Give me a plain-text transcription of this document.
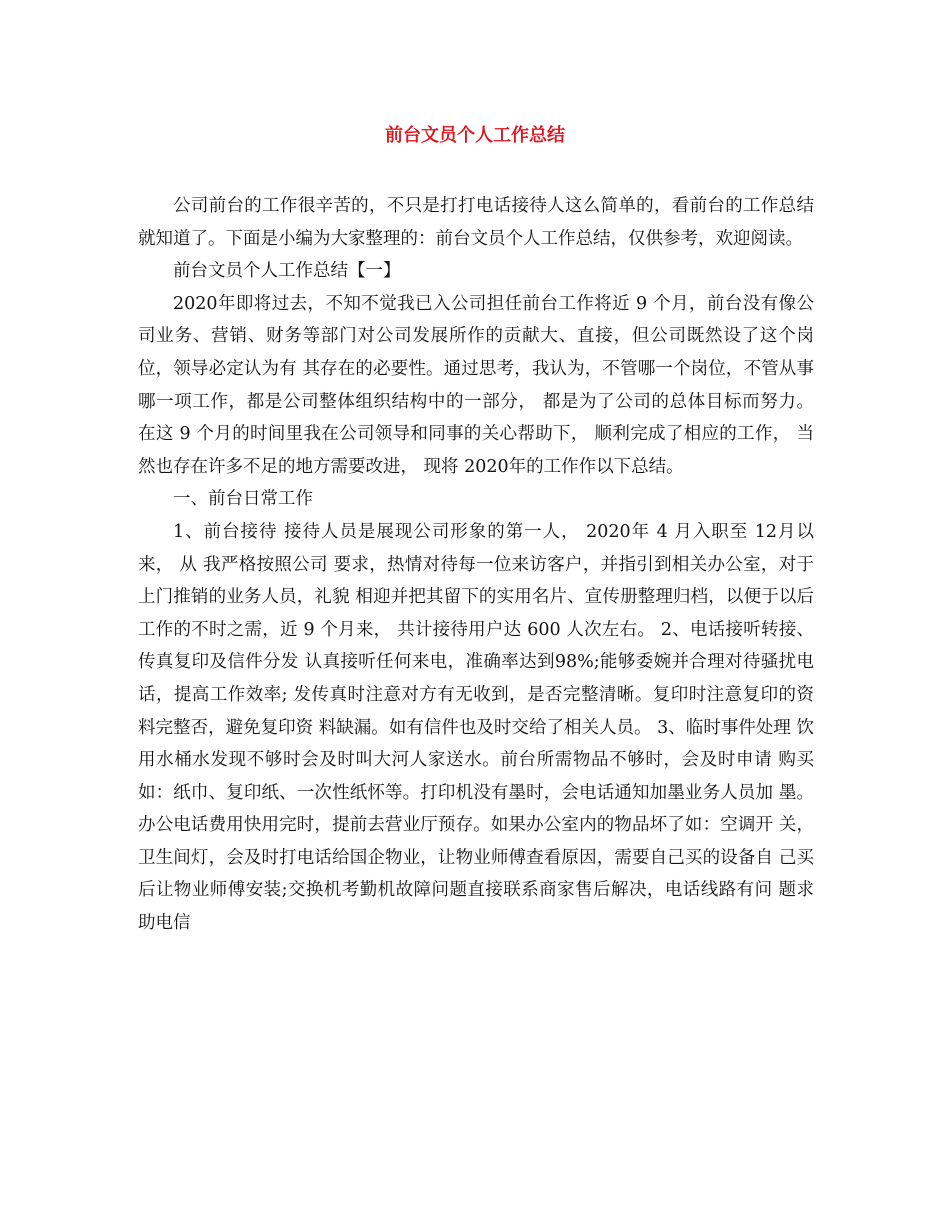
前台文员个人工作总结

公司前台的工作很辛苦的，不只是打打电话接待人这么简单的，看前台的工作总结就知道了。下面是小编为大家整理的：前台文员个人工作总结，仅供参考，欢迎阅读。

前台文员个人工作总结【一】

2020年即将过去，不知不觉我已入公司担任前台工作将近 9 个月，前台没有像公司业务、营销、财务等部门对公司发展所作的贡献大、直接，但公司既然设了这个岗位，领导必定认为有 其存在的必要性。通过思考，我认为，不管哪一个岗位，不管从事哪一项工作，都是公司整体组织结构中的一部分， 都是为了公司的总体目标而努力。 在这 9 个月的时间里我在公司领导和同事的关心帮助下， 顺利完成了相应的工作， 当然也存在许多不足的地方需要改进， 现将 2020年的工作作以下总结。

一、前台日常工作

1、前台接待 接待人员是展现公司形象的第一人， 2020年 4 月入职至 12月以来， 从 我严格按照公司 要求，热情对待每一位来访客户，并指引到相关办公室，对于上门推销的业务人员，礼貌 相迎并把其留下的实用名片、宣传册整理归档，以便于以后工作的不时之需，近 9 个月来， 共计接待用户达 600 人次左右。 2、电话接听转接、传真复印及信件分发 认真接听任何来电，准确率达到98%;能够委婉并合理对待骚扰电话，提高工作效率; 发传真时注意对方有无收到，是否完整清晰。复印时注意复印的资料完整否，避免复印资 料缺漏。如有信件也及时交给了相关人员。 3、临时事件处理 饮用水桶水发现不够时会及时叫大河人家送水。前台所需物品不够时，会及时申请 购买如：纸巾、复印纸、一次性纸怀等。打印机没有墨时，会电话通知加墨业务人员加 墨。办公电话费用快用完时，提前去营业厅预存。如果办公室内的物品坏了如：空调开 关，卫生间灯，会及时打电话给国企物业，让物业师傅查看原因，需要自己买的设备自 己买后让物业师傅安装;交换机考勤机故障问题直接联系商家售后解决，电话线路有问 题求助电信
